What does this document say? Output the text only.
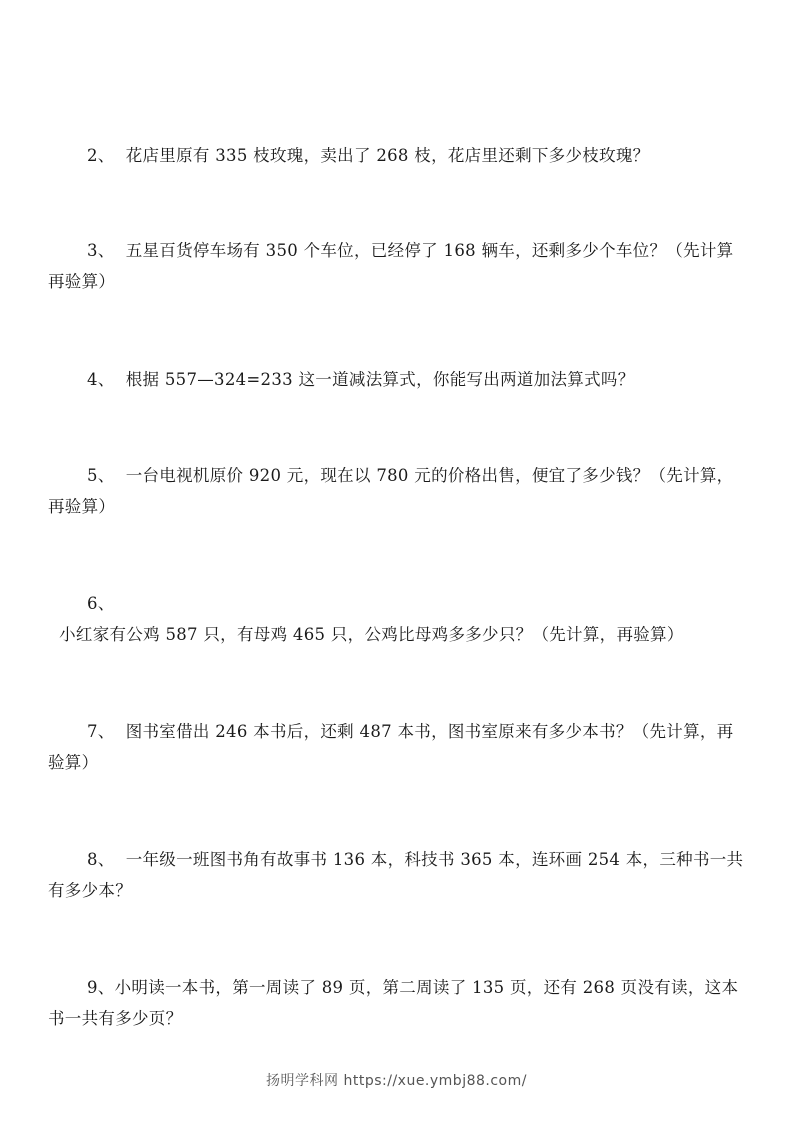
2、 花店里原有 335 枝玫瑰，卖出了 268 枝，花店里还剩下多少枝玫瑰？

3、 五星百货停车场有 350 个车位，已经停了 168 辆车，还剩多少个车位？（先计算再验算）

4、 根据 557—324=233 这一道减法算式，你能写出两道加法算式吗？

5、 一台电视机原价 920 元，现在以 780 元的价格出售，便宜了多少钱？（先计算，再验算）

6、  小红家有公鸡 587 只，有母鸡 465 只，公鸡比母鸡多多少只？（先计算，再验算）

7、 图书室借出 246 本书后，还剩 487 本书，图书室原来有多少本书？（先计算，再验算）

8、 一年级一班图书角有故事书 136 本，科技书 365 本，连环画 254 本，三种书一共有多少本？

9、小明读一本书，第一周读了 89 页，第二周读了 135 页，还有 268 页没有读，这本书一共有多少页？

扬明学科网 https://xue.ymbj88.com/
